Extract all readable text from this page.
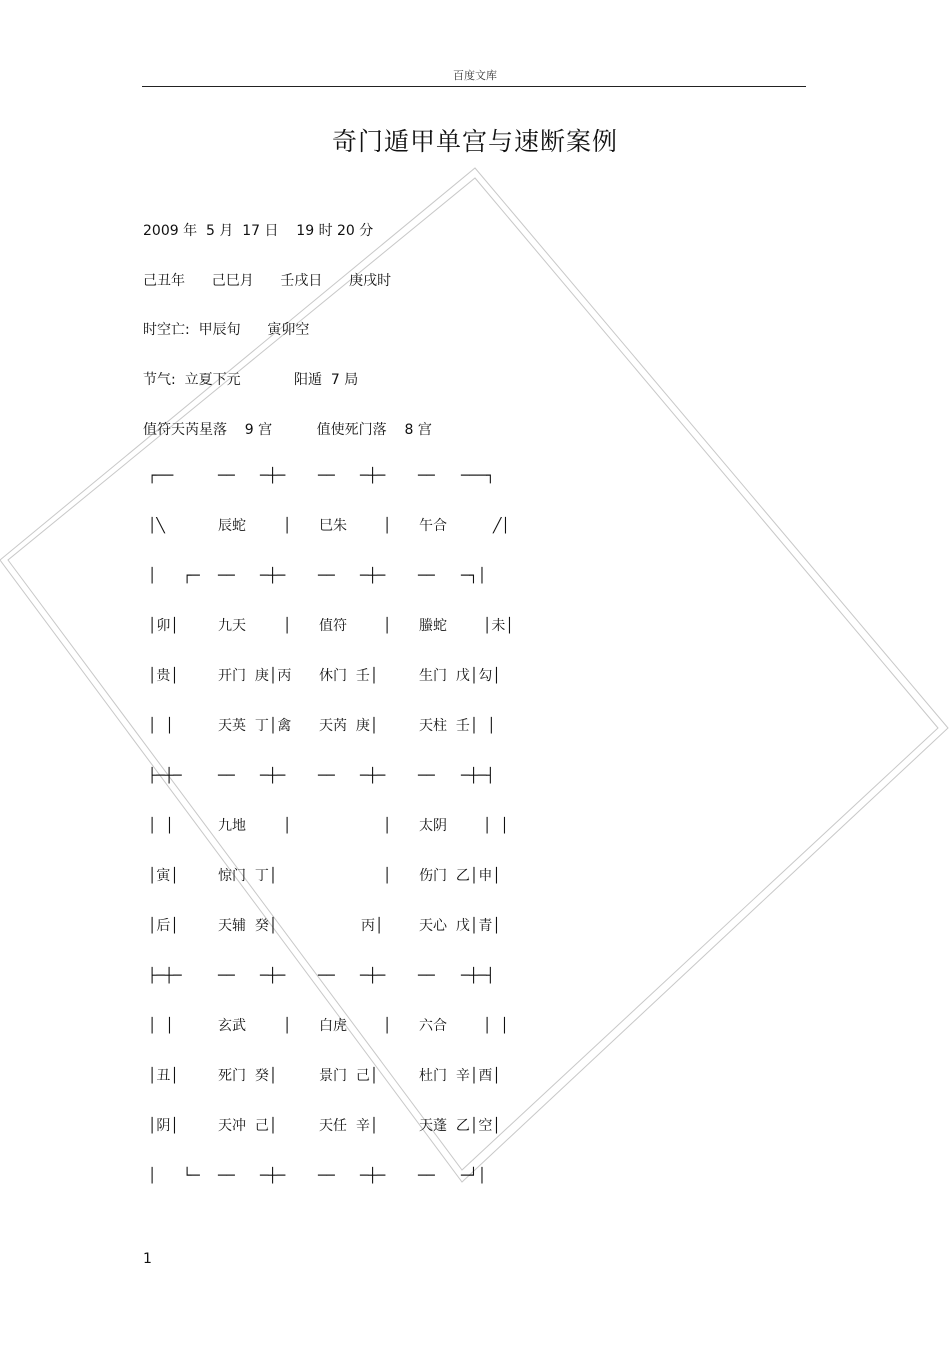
百度文库
奇门遁甲单宫与速断案例
2009 年  5 月  17 日    19 时 20 分
己丑年      己巳月      壬戌日      庚戌时
时空亡:  甲辰旬      寅卯空
节气:  立夏下元            阳遁  7 局
值符天芮星落    9 宫          值使死门落    8 宫
┌──	── ─┼─ ── ─┼─ ── ───┐
│╲	辰蛇	│ 巳朱	│ 午合	╱│
│ ┌─ ── ─┼─ ── ─┼─ ── ─┐│
│卯│	九天	│ 值符	│ 螣蛇	│未│
│贵│	开门  庚│丙 休门  壬│	生门  戊│勾│
│  │	天英  丁│禽 天芮  庚│	天柱  壬│  │
├─┼─	── ─┼─ ── ─┼─ ── ─┼─┤
│  │	九地	│	│ 太阴	│  │
│寅│	惊门  丁│	│ 伤门  乙│申│
│后│	天辅  癸│	丙│	天心  戊│青│
├─┼─	── ─┼─ ── ─┼─ ── ─┼─┤
│  │	玄武	│ 白虎	│ 六合	│  │
│丑│	死门  癸│	景门  己│	杜门  辛│酉│
│阴│	天冲  己│	天任  辛│	天蓬  乙│空│
│ └─ ── ─┼─ ── ─┼─ ── ─┘│
1
